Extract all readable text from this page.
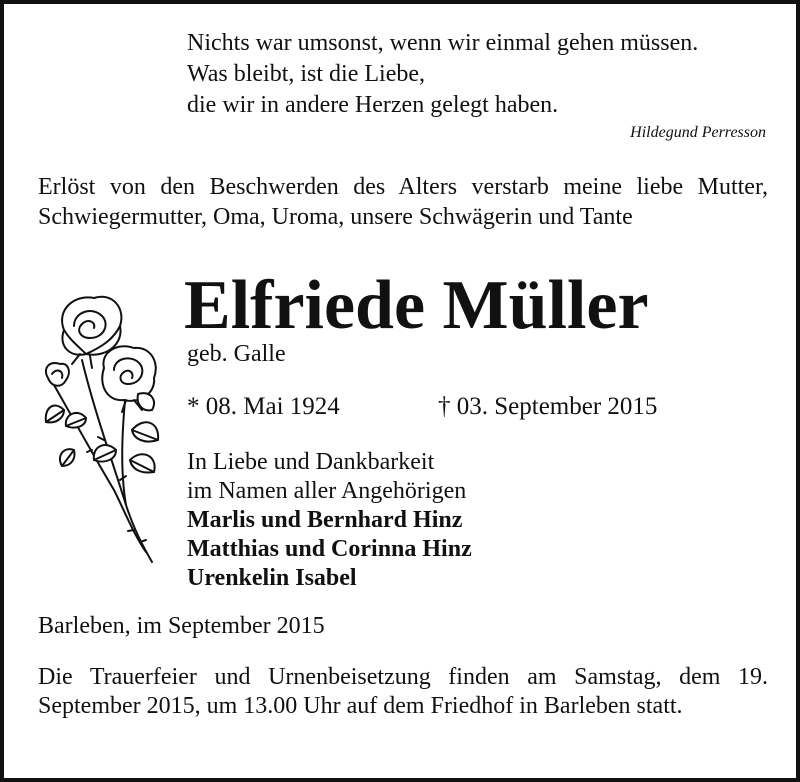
Nichts war umsonst, wenn wir einmal gehen müssen.
Was bleibt, ist die Liebe,
die wir in andere Herzen gelegt haben.
Hildegund Perresson
Erlöst von den Beschwerden des Alters verstarb meine liebe Mutter, Schwiegermutter, Oma, Uroma, unsere Schwägerin und Tante
Elfriede Müller
geb. Galle
* 08. Mai 1924	† 03. September 2015
In Liebe und Dankbarkeit
im Namen aller Angehörigen
Marlis und Bernhard Hinz
Matthias und Corinna Hinz
Urenkelin Isabel
Barleben, im September 2015
Die Trauerfeier und Urnenbeisetzung finden am Samstag, dem 19. September 2015, um 13.00 Uhr auf dem Friedhof in Barleben statt.
